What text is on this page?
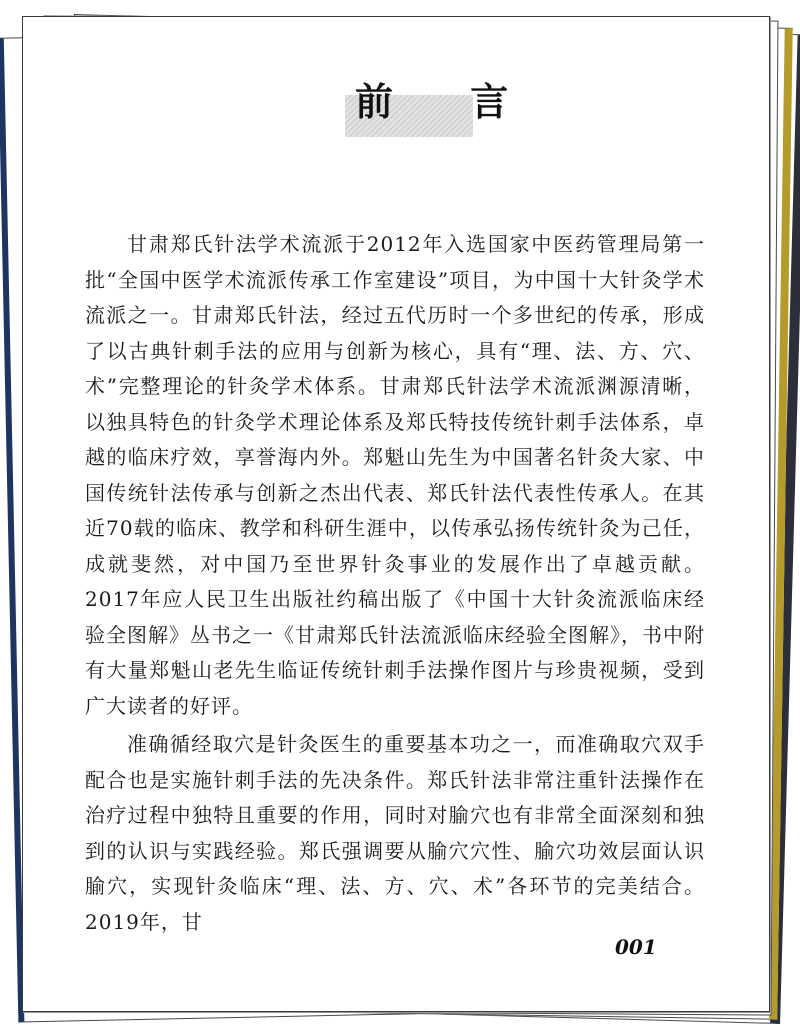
前 言

甘肃郑氏针法学术流派于2012年入选国家中医药管理局第一批“全国中医学术流派传承工作室建设”项目，为中国十大针灸学术流派之一。甘肃郑氏针法，经过五代历时一个多世纪的传承，形成了以古典针刺手法的应用与创新为核心，具有“理、法、方、穴、术”完整理论的针灸学术体系。甘肃郑氏针法学术流派渊源清晰，以独具特色的针灸学术理论体系及郑氏特技传统针刺手法体系，卓越的临床疗效，享誉海内外。郑魁山先生为中国著名针灸大家、中国传统针法传承与创新之杰出代表、郑氏针法代表性传承人。在其近70载的临床、教学和科研生涯中，以传承弘扬传统针灸为己任，成就斐然，对中国乃至世界针灸事业的发展作出了卓越贡献。2017年应人民卫生出版社约稿出版了《中国十大针灸流派临床经验全图解》丛书之一《甘肃郑氏针法流派临床经验全图解》，书中附有大量郑魁山老先生临证传统针刺手法操作图片与珍贵视频，受到广大读者的好评。

准确循经取穴是针灸医生的重要基本功之一，而准确取穴双手配合也是实施针刺手法的先决条件。郑氏针法非常注重针法操作在治疗过程中独特且重要的作用，同时对腧穴也有非常全面深刻和独到的认识与实践经验。郑氏强调要从腧穴穴性、腧穴功效层面认识腧穴，实现针灸临床“理、法、方、穴、术”各环节的完美结合。2019年，甘

001
